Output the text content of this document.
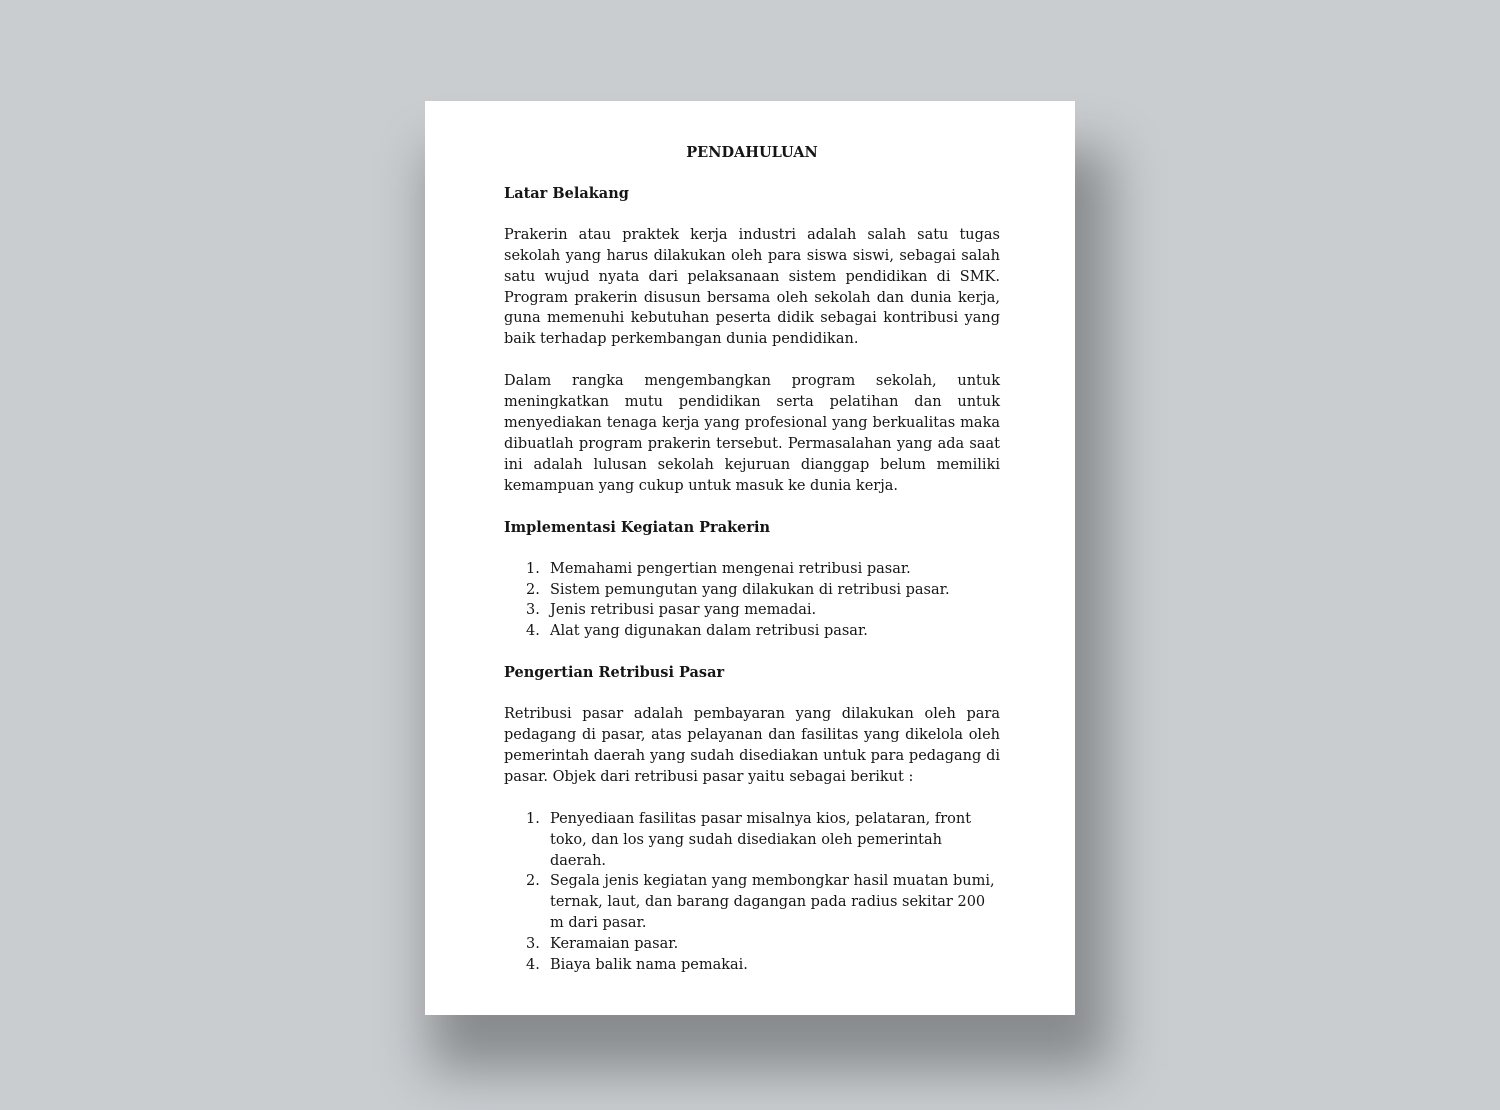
PENDAHULUAN
Latar Belakang

Prakerin atau praktek kerja industri adalah salah satu tugas sekolah yang harus dilakukan oleh para siswa siswi, sebagai salah satu wujud nyata dari pelaksanaan sistem pendidikan di SMK. Program prakerin disusun bersama oleh sekolah dan dunia kerja, guna memenuhi kebutuhan peserta didik sebagai kontribusi yang baik terhadap perkembangan dunia pendidikan.

Dalam rangka mengembangkan program sekolah, untuk meningkatkan mutu pendidikan serta pelatihan dan untuk menyediakan tenaga kerja yang profesional yang berkualitas maka dibuatlah program prakerin tersebut. Permasalahan yang ada saat ini adalah lulusan sekolah kejuruan dianggap belum memiliki kemampuan yang cukup untuk masuk ke dunia kerja.

Implementasi Kegiatan Prakerin
1. Memahami pengertian mengenai retribusi pasar.
2. Sistem pemungutan yang dilakukan di retribusi pasar.
3. Jenis retribusi pasar yang memadai.
4. Alat yang digunakan dalam retribusi pasar.
Pengertian Retribusi Pasar

Retribusi pasar adalah pembayaran yang dilakukan oleh para pedagang di pasar, atas pelayanan dan fasilitas yang dikelola oleh pemerintah daerah yang sudah disediakan untuk para pedagang di pasar. Objek dari retribusi pasar yaitu sebagai berikut :

1. Penyediaan fasilitas pasar misalnya kios, pelataran, front toko, dan los yang sudah disediakan oleh pemerintah daerah.
2. Segala jenis kegiatan yang membongkar hasil muatan bumi, ternak, laut, dan barang dagangan pada radius sekitar 200 m dari pasar.
3. Keramaian pasar.
4. Biaya balik nama pemakai.
